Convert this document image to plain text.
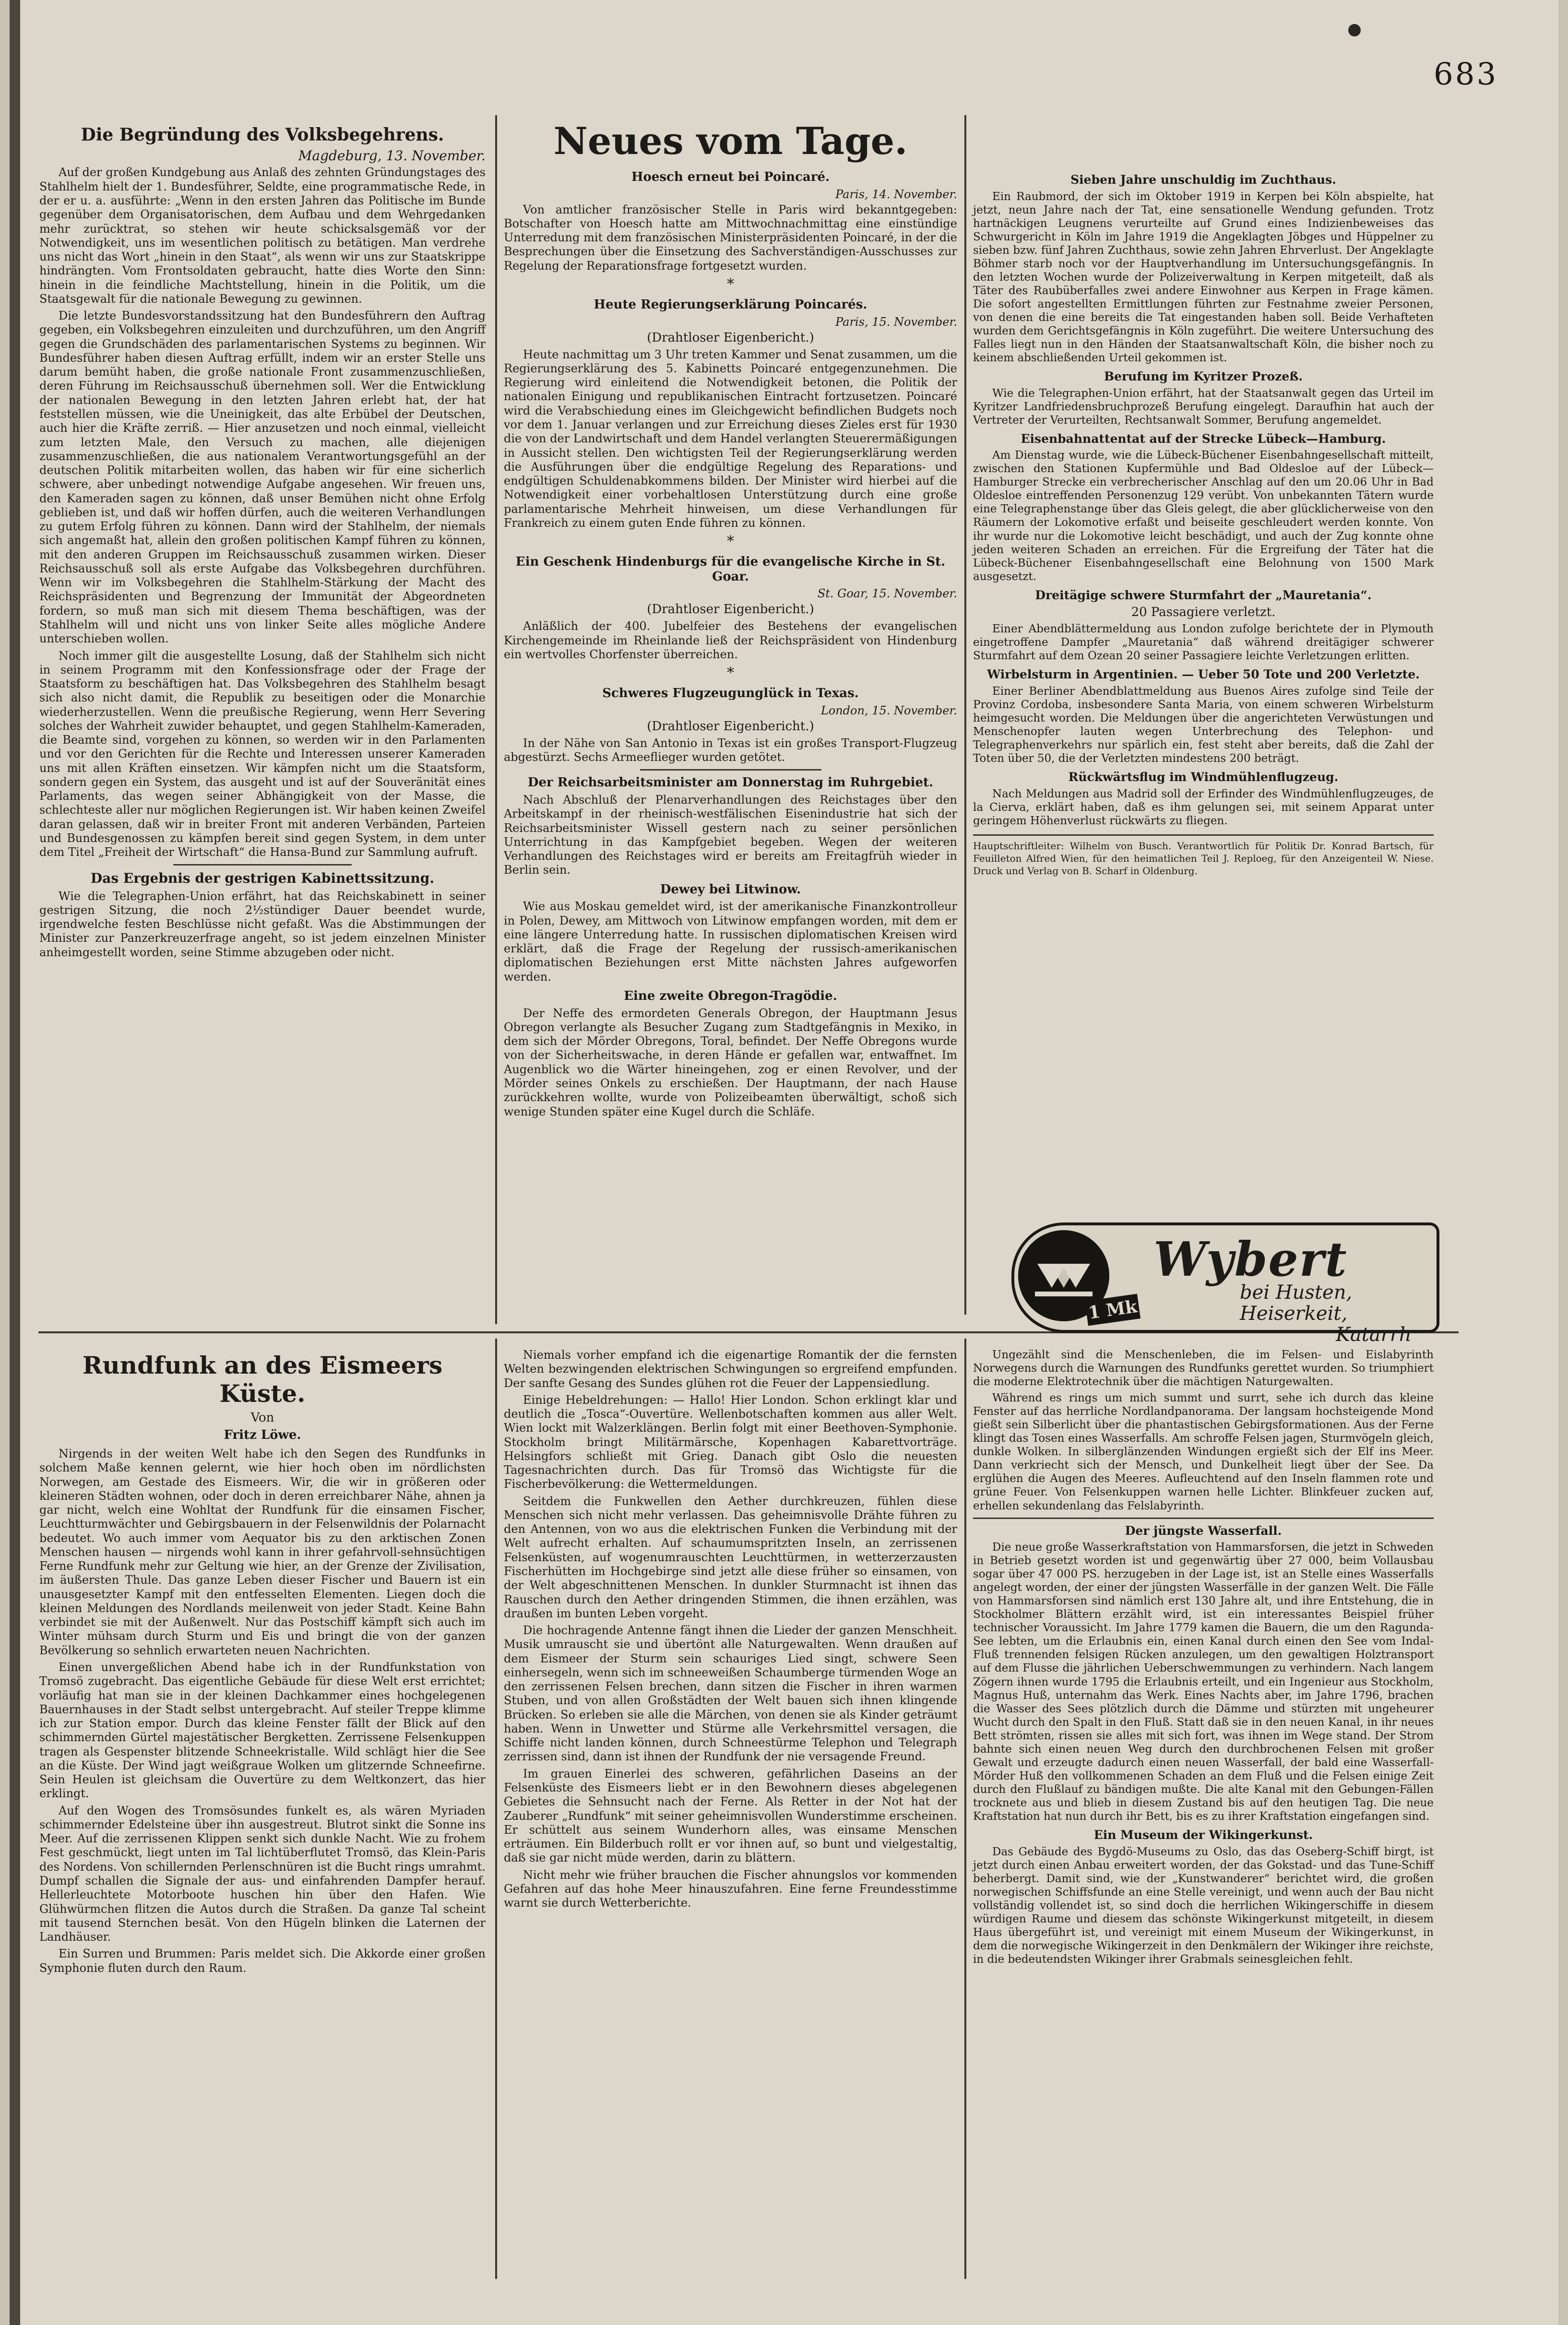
683
Die Begründung des Volksbegehrens.
Magdeburg, 13. November.
Auf der großen Kundgebung aus Anlaß des zehnten Gründungstages des Stahlhelm hielt der 1. Bundesführer, Seldte, eine programmatische Rede, in der er u. a. ausführte: „Wenn in den ersten Jahren das Politische im Bunde gegenüber dem Organisatorischen, dem Aufbau und dem Wehrgedanken mehr zurücktrat, so stehen wir heute schicksalsgemäß vor der Notwendigkeit, uns im wesentlichen politisch zu betätigen. Man verdrehe uns nicht das Wort „hinein in den Staat“, als wenn wir uns zur Staatskrippe hindrängten. Vom Frontsoldaten gebraucht, hatte dies Worte den Sinn: hinein in die feindliche Machtstellung, hinein in die Politik, um die Staatsgewalt für die nationale Bewegung zu gewinnen.
Die letzte Bundesvorstandssitzung hat den Bundesführern den Auftrag gegeben, ein Volksbegehren einzuleiten und durchzuführen, um den Angriff gegen die Grundschäden des parlamentarischen Systems zu beginnen. Wir Bundesführer haben diesen Auftrag erfüllt, indem wir an erster Stelle uns darum bemüht haben, die große nationale Front zusammenzuschließen, deren Führung im Reichsausschuß übernehmen soll. Wer die Entwicklung der nationalen Bewegung in den letzten Jahren erlebt hat, der hat feststellen müssen, wie die Uneinigkeit, das alte Erbübel der Deutschen, auch hier die Kräfte zerriß. — Hier anzusetzen und noch einmal, vielleicht zum letzten Male, den Versuch zu machen, alle diejenigen zusammenzuschließen, die aus nationalem Verantwortungsgefühl an der deutschen Politik mitarbeiten wollen, das haben wir für eine sicherlich schwere, aber unbedingt notwendige Aufgabe angesehen. Wir freuen uns, den Kameraden sagen zu können, daß unser Bemühen nicht ohne Erfolg geblieben ist, und daß wir hoffen dürfen, auch die weiteren Verhandlungen zu gutem Erfolg führen zu können. Dann wird der Stahlhelm, der niemals sich angemaßt hat, allein den großen politischen Kampf führen zu können, mit den anderen Gruppen im Reichsausschuß zusammen wirken. Dieser Reichsausschuß soll als erste Aufgabe das Volksbegehren durchführen. Wenn wir im Volksbegehren die Stahlhelm-Stärkung der Macht des Reichspräsidenten und Begrenzung der Immunität der Abgeordneten fordern, so muß man sich mit diesem Thema beschäftigen, was der Stahlhelm will und nicht uns von linker Seite alles mögliche Andere unterschieben wollen.
Noch immer gilt die ausgestellte Losung, daß der Stahlhelm sich nicht in seinem Programm mit den Konfessionsfrage oder der Frage der Staatsform zu beschäftigen hat. Das Volksbegehren des Stahlhelm besagt sich also nicht damit, die Republik zu beseitigen oder die Monarchie wiederherzustellen. Wenn die preußische Regierung, wenn Herr Severing solches der Wahrheit zuwider behauptet, und gegen Stahlhelm-Kameraden, die Beamte sind, vorgehen zu können, so werden wir in den Parlamenten und vor den Gerichten für die Rechte und Interessen unserer Kameraden uns mit allen Kräften einsetzen. Wir kämpfen nicht um die Staatsform, sondern gegen ein System, das ausgeht und ist auf der Souveränität eines Parlaments, das wegen seiner Abhängigkeit von der Masse, die schlechteste aller nur möglichen Regierungen ist. Wir haben keinen Zweifel daran gelassen, daß wir in breiter Front mit anderen Verbänden, Parteien und Bundesgenossen zu kämpfen bereit sind gegen System, in dem unter dem Titel „Freiheit der Wirtschaft“ die Hansa-Bund zur Sammlung aufruft.
Das Ergebnis der gestrigen Kabinettssitzung.
Wie die Telegraphen-Union erfährt, hat das Reichskabinett in seiner gestrigen Sitzung, die noch 2½stündiger Dauer beendet wurde, irgendwelche festen Beschlüsse nicht gefaßt. Was die Abstimmungen der Minister zur Panzerkreuzerfrage angeht, so ist jedem einzelnen Minister anheimgestellt worden, seine Stimme abzugeben oder nicht.
Neues vom Tage.
Hoesch erneut bei Poincaré.
Paris, 14. November.
Von amtlicher französischer Stelle in Paris wird bekanntgegeben: Botschafter von Hoesch hatte am Mittwochnachmittag eine einstündige Unterredung mit dem französischen Ministerpräsidenten Poincaré, in der die Besprechungen über die Einsetzung des Sachverständigen-Ausschusses zur Regelung der Reparationsfrage fortgesetzt wurden.
*
Heute Regierungserklärung Poincarés.
Paris, 15. November.
(Drahtloser Eigenbericht.)
Heute nachmittag um 3 Uhr treten Kammer und Senat zusammen, um die Regierungserklärung des 5. Kabinetts Poincaré entgegenzunehmen. Die Regierung wird einleitend die Notwendigkeit betonen, die Politik der nationalen Einigung und republikanischen Eintracht fortzusetzen. Poincaré wird die Verabschiedung eines im Gleichgewicht befindlichen Budgets noch vor dem 1. Januar verlangen und zur Erreichung dieses Zieles erst für 1930 die von der Landwirtschaft und dem Handel verlangten Steuerermäßigungen in Aussicht stellen. Den wichtigsten Teil der Regierungserklärung werden die Ausführungen über die endgültige Regelung des Reparations- und endgültigen Schuldenabkommens bilden. Der Minister wird hierbei auf die Notwendigkeit einer vorbehaltlosen Unterstützung durch eine große parlamentarische Mehrheit hinweisen, um diese Verhandlungen für Frankreich zu einem guten Ende führen zu können.
*
Ein Geschenk Hindenburgs für die evangelische Kirche in St. Goar.
St. Goar, 15. November.
(Drahtloser Eigenbericht.)
Anläßlich der 400. Jubelfeier des Bestehens der evangelischen Kirchengemeinde im Rheinlande ließ der Reichspräsident von Hindenburg ein wertvolles Chorfenster überreichen.
*
Schweres Flugzeugunglück in Texas.
London, 15. November.
(Drahtloser Eigenbericht.)
In der Nähe von San Antonio in Texas ist ein großes Transport-Flugzeug abgestürzt. Sechs Armeeflieger wurden getötet.
Der Reichsarbeitsminister am Donnerstag im Ruhrgebiet.
Nach Abschluß der Plenarverhandlungen des Reichstages über den Arbeitskampf in der rheinisch-westfälischen Eisenindustrie hat sich der Reichsarbeitsminister Wissell gestern nach zu seiner persönlichen Unterrichtung in das Kampfgebiet begeben. Wegen der weiteren Verhandlungen des Reichstages wird er bereits am Freitagfrüh wieder in Berlin sein.
Dewey bei Litwinow.
Wie aus Moskau gemeldet wird, ist der amerikanische Finanzkontrolleur in Polen, Dewey, am Mittwoch von Litwinow empfangen worden, mit dem er eine längere Unterredung hatte. In russischen diplomatischen Kreisen wird erklärt, daß die Frage der Regelung der russisch-amerikanischen diplomatischen Beziehungen erst Mitte nächsten Jahres aufgeworfen werden.
Eine zweite Obregon-Tragödie.
Der Neffe des ermordeten Generals Obregon, der Hauptmann Jesus Obregon verlangte als Besucher Zugang zum Stadtgefängnis in Mexiko, in dem sich der Mörder Obregons, Toral, befindet. Der Neffe Obregons wurde von der Sicherheitswache, in deren Hände er gefallen war, entwaffnet. Im Augenblick wo die Wärter hineingehen, zog er einen Revolver, und der Mörder seines Onkels zu erschießen. Der Hauptmann, der nach Hause zurückkehren wollte, wurde von Polizeibeamten überwältigt, schoß sich wenige Stunden später eine Kugel durch die Schläfe.
Sieben Jahre unschuldig im Zuchthaus.
Ein Raubmord, der sich im Oktober 1919 in Kerpen bei Köln abspielte, hat jetzt, neun Jahre nach der Tat, eine sensationelle Wendung gefunden. Trotz hartnäckigen Leugnens verurteilte auf Grund eines Indizienbeweises das Schwurgericht in Köln im Jahre 1919 die Angeklagten Jöbges und Hüppelner zu sieben bzw. fünf Jahren Zuchthaus, sowie zehn Jahren Ehrverlust. Der Angeklagte Böhmer starb noch vor der Hauptverhandlung im Untersuchungsgefängnis. In den letzten Wochen wurde der Polizeiverwaltung in Kerpen mitgeteilt, daß als Täter des Raubüberfalles zwei andere Einwohner aus Kerpen in Frage kämen. Die sofort angestellten Ermittlungen führten zur Festnahme zweier Personen, von denen die eine bereits die Tat eingestanden haben soll. Beide Verhafteten wurden dem Gerichtsgefängnis in Köln zugeführt. Die weitere Untersuchung des Falles liegt nun in den Händen der Staatsanwaltschaft Köln, die bisher noch zu keinem abschließenden Urteil gekommen ist.
Berufung im Kyritzer Prozeß.
Wie die Telegraphen-Union erfährt, hat der Staatsanwalt gegen das Urteil im Kyritzer Landfriedensbruchprozeß Berufung eingelegt. Daraufhin hat auch der Vertreter der Verurteilten, Rechtsanwalt Sommer, Berufung angemeldet.
Eisenbahnattentat auf der Strecke Lübeck—Hamburg.
Am Dienstag wurde, wie die Lübeck-Büchener Eisenbahngesellschaft mitteilt, zwischen den Stationen Kupfermühle und Bad Oldesloe auf der Lübeck—Hamburger Strecke ein verbrecherischer Anschlag auf den um 20.06 Uhr in Bad Oldesloe eintreffenden Personenzug 129 verübt. Von unbekannten Tätern wurde eine Telegraphenstange über das Gleis gelegt, die aber glücklicherweise von den Räumern der Lokomotive erfaßt und beiseite geschleudert werden konnte. Von ihr wurde nur die Lokomotive leicht beschädigt, und auch der Zug konnte ohne jeden weiteren Schaden an erreichen. Für die Ergreifung der Täter hat die Lübeck-Büchener Eisenbahngesellschaft eine Belohnung von 1500 Mark ausgesetzt.
Dreitägige schwere Sturmfahrt der „Mauretania“.
20 Passagiere verletzt.
Einer Abendblättermeldung aus London zufolge berichtete der in Plymouth eingetroffene Dampfer „Mauretania“ daß während dreitägiger schwerer Sturmfahrt auf dem Ozean 20 seiner Passagiere leichte Verletzungen erlitten.
Wirbelsturm in Argentinien. — Ueber 50 Tote und 200 Verletzte.
Einer Berliner Abendblattmeldung aus Buenos Aires zufolge sind Teile der Provinz Cordoba, insbesondere Santa Maria, von einem schweren Wirbelsturm heimgesucht worden. Die Meldungen über die angerichteten Verwüstungen und Menschenopfer lauten wegen Unterbrechung des Telephon- und Telegraphenverkehrs nur spärlich ein, fest steht aber bereits, daß die Zahl der Toten über 50, die der Verletzten mindestens 200 beträgt.
Rückwärtsflug im Windmühlenflugzeug.
Nach Meldungen aus Madrid soll der Erfinder des Windmühlenflugzeuges, de la Cierva, erklärt haben, daß es ihm gelungen sei, mit seinem Apparat unter geringem Höhenverlust rückwärts zu fliegen.
Hauptschriftleiter: Wilhelm von Busch. Verantwortlich für Politik Dr. Konrad Bartsch, für Feuilleton Alfred Wien, für den heimatlichen Teil J. Reploeg, für den Anzeigenteil W. Niese. Druck und Verlag von B. Scharf in Oldenburg.
1 Mk
Wybert
bei Husten, Heiserkeit,
Katarrh
Rundfunk an des Eismeers Küste.
Von
Fritz Löwe.
Nirgends in der weiten Welt habe ich den Segen des Rundfunks in solchem Maße kennen gelernt, wie hier hoch oben im nördlichsten Norwegen, am Gestade des Eismeers. Wir, die wir in größeren oder kleineren Städten wohnen, oder doch in deren erreichbarer Nähe, ahnen ja gar nicht, welch eine Wohltat der Rundfunk für die einsamen Fischer, Leuchtturmwächter und Gebirgsbauern in der Felsenwildnis der Polarnacht bedeutet. Wo auch immer vom Aequator bis zu den arktischen Zonen Menschen hausen — nirgends wohl kann in ihrer gefahrvoll-sehnsüchtigen Ferne Rundfunk mehr zur Geltung wie hier, an der Grenze der Zivilisation, im äußersten Thule. Das ganze Leben dieser Fischer und Bauern ist ein unausgesetzter Kampf mit den entfesselten Elementen. Liegen doch die kleinen Meldungen des Nordlands meilenweit von jeder Stadt. Keine Bahn verbindet sie mit der Außenwelt. Nur das Postschiff kämpft sich auch im Winter mühsam durch Sturm und Eis und bringt die von der ganzen Bevölkerung so sehnlich erwarteten neuen Nachrichten.
Einen unvergeßlichen Abend habe ich in der Rundfunkstation von Tromsö zugebracht. Das eigentliche Gebäude für diese Welt erst errichtet; vorläufig hat man sie in der kleinen Dachkammer eines hochgelegenen Bauernhauses in der Stadt selbst untergebracht. Auf steiler Treppe klimme ich zur Station empor. Durch das kleine Fenster fällt der Blick auf den schimmernden Gürtel majestätischer Bergketten. Zerrissene Felsenkuppen tragen als Gespenster blitzende Schneekristalle. Wild schlägt hier die See an die Küste. Der Wind jagt weißgraue Wolken um glitzernde Schneefirne. Sein Heulen ist gleichsam die Ouvertüre zu dem Weltkonzert, das hier erklingt.
Auf den Wogen des Tromsösundes funkelt es, als wären Myriaden schimmernder Edelsteine über ihn ausgestreut. Blutrot sinkt die Sonne ins Meer. Auf die zerrissenen Klippen senkt sich dunkle Nacht. Wie zu frohem Fest geschmückt, liegt unten im Tal lichtüberflutet Tromsö, das Klein-Paris des Nordens. Von schillernden Perlenschnüren ist die Bucht rings umrahmt. Dumpf schallen die Signale der aus- und einfahrenden Dampfer herauf. Hellerleuchtete Motorboote huschen hin über den Hafen. Wie Glühwürmchen flitzen die Autos durch die Straßen. Da ganze Tal scheint mit tausend Sternchen besät. Von den Hügeln blinken die Laternen der Landhäuser.
Ein Surren und Brummen: Paris meldet sich. Die Akkorde einer großen Symphonie fluten durch den Raum.
Niemals vorher empfand ich die eigenartige Romantik der die fernsten Welten bezwingenden elektrischen Schwingungen so ergreifend empfunden. Der sanfte Gesang des Sundes glühen rot die Feuer der Lappensiedlung.
Einige Hebeldrehungen: — Hallo! Hier London. Schon erklingt klar und deutlich die „Tosca“-Ouvertüre. Wellenbotschaften kommen aus aller Welt. Wien lockt mit Walzerklängen. Berlin folgt mit einer Beethoven-Symphonie. Stockholm bringt Militärmärsche, Kopenhagen Kabarettvorträge. Helsingfors schließt mit Grieg. Danach gibt Oslo die neuesten Tagesnachrichten durch. Das für Tromsö das Wichtigste für die Fischerbevölkerung: die Wettermeldungen.
Seitdem die Funkwellen den Aether durchkreuzen, fühlen diese Menschen sich nicht mehr verlassen. Das geheimnisvolle Drähte führen zu den Antennen, von wo aus die elektrischen Funken die Verbindung mit der Welt aufrecht erhalten. Auf schaumumspritzten Inseln, an zerrissenen Felsenküsten, auf wogenumrauschten Leuchttürmen, in wetterzerzausten Fischerhütten im Hochgebirge sind jetzt alle diese früher so einsamen, von der Welt abgeschnittenen Menschen. In dunkler Sturmnacht ist ihnen das Rauschen durch den Aether dringenden Stimmen, die ihnen erzählen, was draußen im bunten Leben vorgeht.
Die hochragende Antenne fängt ihnen die Lieder der ganzen Menschheit. Musik umrauscht sie und übertönt alle Naturgewalten. Wenn draußen auf dem Eismeer der Sturm sein schauriges Lied singt, schwere Seen einhersegeln, wenn sich im schneeweißen Schaumberge türmenden Woge an den zerrissenen Felsen brechen, dann sitzen die Fischer in ihren warmen Stuben, und von allen Großstädten der Welt bauen sich ihnen klingende Brücken. So erleben sie alle die Märchen, von denen sie als Kinder geträumt haben. Wenn in Unwetter und Stürme alle Verkehrsmittel versagen, die Schiffe nicht landen können, durch Schneestürme Telephon und Telegraph zerrissen sind, dann ist ihnen der Rundfunk der nie versagende Freund.
Im grauen Einerlei des schweren, gefährlichen Daseins an der Felsenküste des Eismeers liebt er in den Bewohnern dieses abgelegenen Gebietes die Sehnsucht nach der Ferne. Als Retter in der Not hat der Zauberer „Rundfunk“ mit seiner geheimnisvollen Wunderstimme erscheinen. Er schüttelt aus seinem Wunderhorn alles, was einsame Menschen erträumen. Ein Bilderbuch rollt er vor ihnen auf, so bunt und vielgestaltig, daß sie gar nicht müde werden, darin zu blättern.
Nicht mehr wie früher brauchen die Fischer ahnungslos vor kommenden Gefahren auf das hohe Meer hinauszufahren. Eine ferne Freundesstimme warnt sie durch Wetterberichte.
Ungezählt sind die Menschenleben, die im Felsen- und Eislabyrinth Norwegens durch die Warnungen des Rundfunks gerettet wurden. So triumphiert die moderne Elektrotechnik über die mächtigen Naturgewalten.
Während es rings um mich summt und surrt, sehe ich durch das kleine Fenster auf das herrliche Nordlandpanorama. Der langsam hochsteigende Mond gießt sein Silberlicht über die phantastischen Gebirgsformationen. Aus der Ferne klingt das Tosen eines Wasserfalls. Am schroffe Felsen jagen, Sturmvögeln gleich, dunkle Wolken. In silberglänzenden Windungen ergießt sich der Elf ins Meer. Dann verkriecht sich der Mensch, und Dunkelheit liegt über der See. Da erglühen die Augen des Meeres. Aufleuchtend auf den Inseln flammen rote und grüne Feuer. Von Felsenkuppen warnen helle Lichter. Blinkfeuer zucken auf, erhellen sekundenlang das Felslabyrinth.
Der jüngste Wasserfall.
Die neue große Wasserkraftstation von Hammarsforsen, die jetzt in Schweden in Betrieb gesetzt worden ist und gegenwärtig über 27 000, beim Vollausbau sogar über 47 000 PS. herzugeben in der Lage ist, ist an Stelle eines Wasserfalls angelegt worden, der einer der jüngsten Wasserfälle in der ganzen Welt. Die Fälle von Hammarsforsen sind nämlich erst 130 Jahre alt, und ihre Entstehung, die in Stockholmer Blättern erzählt wird, ist ein interessantes Beispiel früher technischer Voraussicht. Im Jahre 1779 kamen die Bauern, die um den Ragunda-See lebten, um die Erlaubnis ein, einen Kanal durch einen den See vom Indal-Fluß trennenden felsigen Rücken anzulegen, um den gewaltigen Holztransport auf dem Flusse die jährlichen Ueberschwemmungen zu verhindern. Nach langem Zögern ihnen wurde 1795 die Erlaubnis erteilt, und ein Ingenieur aus Stockholm, Magnus Huß, unternahm das Werk. Eines Nachts aber, im Jahre 1796, brachen die Wasser des Sees plötzlich durch die Dämme und stürzten mit ungeheurer Wucht durch den Spalt in den Fluß. Statt daß sie in den neuen Kanal, in ihr neues Bett strömten, rissen sie alles mit sich fort, was ihnen im Wege stand. Der Strom bahnte sich einen neuen Weg durch den durchbrochenen Felsen mit großer Gewalt und erzeugte dadurch einen neuen Wasserfall, der bald eine Wasserfall-Mörder Huß den vollkommenen Schaden an dem Fluß und die Felsen einige Zeit durch den Flußlauf zu bändigen mußte. Die alte Kanal mit den Gebungen-Fällen trocknete aus und blieb in diesem Zustand bis auf den heutigen Tag. Die neue Kraftstation hat nun durch ihr Bett, bis es zu ihrer Kraftstation eingefangen sind.
Ein Museum der Wikingerkunst.
Das Gebäude des Bygdö-Museums zu Oslo, das das Oseberg-Schiff birgt, ist jetzt durch einen Anbau erweitert worden, der das Gokstad- und das Tune-Schiff beherbergt. Damit sind, wie der „Kunstwanderer“ berichtet wird, die großen norwegischen Schiffsfunde an eine Stelle vereinigt, und wenn auch der Bau nicht vollständig vollendet ist, so sind doch die herrlichen Wikingerschiffe in diesem würdigen Raume und diesem das schönste Wikingerkunst mitgeteilt, in diesem Haus übergeführt ist, und vereinigt mit einem Museum der Wikingerkunst, in dem die norwegische Wikingerzeit in den Denkmälern der Wikinger ihre reichste, in die bedeutendsten Wikinger ihrer Grabmals seinesgleichen fehlt.
